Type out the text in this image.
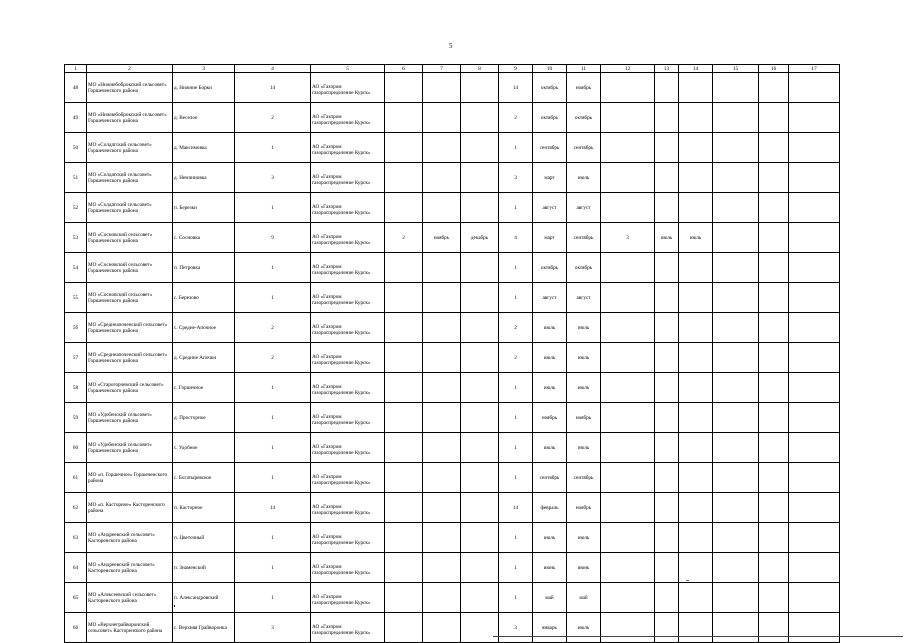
5
1	2	3	4	5	6	7	8	9	10	11	12	13	14	15	16	17
48	МО «Нижнебоброкский сельсовет» Горшеченского района	д. Нижние Борки	14	АО «Газпром газораспределение Курск»				14	октябрь	ноябрь						
49	МО «Нижнебоброкский сельсовет» Горшеченского района	д. Веселое	2	АО «Газпром газораспределение Курск»				2	октябрь	октябрь						
50	МО «Солдатский сельсовет» Горшеченского района	д. Максимовка	1	АО «Газпром газораспределение Курск»				1	сентябрь	сентябрь						
51	МО «Солдатский сельсовет» Горшеченского района	д. Немчиновка	3	АО «Газпром газораспределение Курск»				3	март	июль						
52	МО «Солдатский сельсовет» Горшеченского района	п. Березки	1	АО «Газпром газораспределение Курск»				1	август	август						
53	МО «Сосновский сельсовет» Горшеченского района	с. Сосновка	9	АО «Газпром газораспределение Курск»	2	ноябрь	декабрь	4	март	сентябрь	3	июль	июль			
54	МО «Сосновский сельсовет» Горшеченского района	п. Петровка	1	АО «Газпром газораспределение Курск»				1	октябрь	октябрь						
55	МО «Сосновский сельсовет» Горшеченского района	с. Березово	1	АО «Газпром газораспределение Курск»				1	август	август						
56	МО «Среднеапоченский сельсовет» Горшеченского района	с. Средне-Апочное	2	АО «Газпром газораспределение Курск»				2	июль	июль						
57	МО «Среднеапоченский сельсовет» Горшеченского района	д. Средние Апочки	2	АО «Газпром газораспределение Курск»				2	июль	июль						
58	МО «Старогорчевский сельсовет» Горшеченского района	с. Горшечное	1	АО «Газпром газораспределение Курск»				1	июль	июль						
59	МО «Удобенский сельсовет» Горшеченского района	д. Просторное	1	АО «Газпром газораспределение Курск»				1	ноябрь	ноябрь						
60	МО «Удобенский сельсовет» Горшеченского района	с. Удобное	1	АО «Газпром газораспределение Курск»				1	июль	июль						
61	МО «п. Горшечное» Горшеченского района	с. Богатыревское	1	АО «Газпром газораспределение Курск»				1	сентябрь	сентябрь						
62	МО «п. Касторное» Касторенского района	п. Касторное	14	АО «Газпром газораспределение Курск»				14	февраль	ноябрь						
63	МО «Андреевский сельсовет» Касторенского района	п. Цветочный	1	АО «Газпром газораспределение Курск»				1	июль	июль						
64	МО «Андреевский сельсовет» Касторенского района	п. Знаменский	1	АО «Газпром газораспределение Курск»				1	июнь	июнь						
65	МО «Алексеевский сельсовет» Касторенского района	п. Александровский	1	АО «Газпром газораспределение Курск»				1	май	май						
66	МО «Верхнеграйворонский сельсовет» Касторенского района	с. Верхняя Грайворонка	3	АО «Газпром газораспределение Курск»				3	январь	июль						
